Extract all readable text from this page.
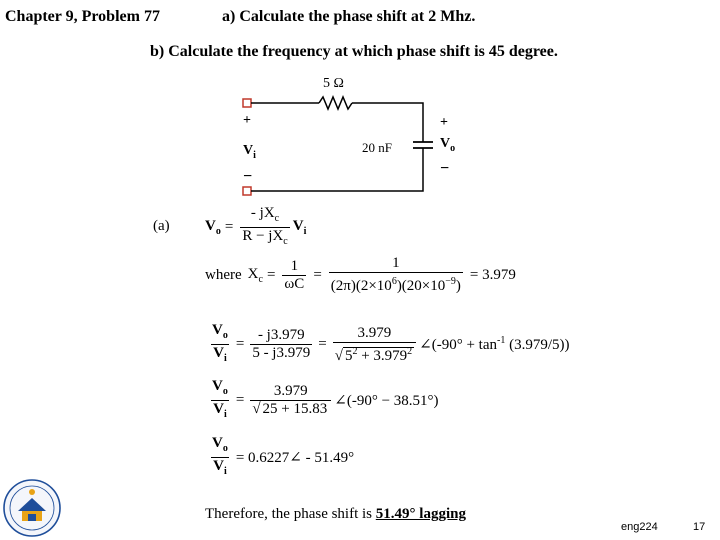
Chapter 9, Problem 77	a) Calculate the phase shift at 2 Mhz.
b) Calculate the frequency at which phase shift is 45 degree.
5 Ω
20 nF
+
$V_i$
−
+
$V_o$
−
(a) $V_o = \frac{- jX_c}{R - jX_c} V_i$
where $X_c = \frac{1}{\omega C} = \frac{1}{(2\pi)(2\times 10^6)(20\times 10^{-9})} = 3.979$
$\frac{V_o}{V_i} = \frac{- j3.979}{5 - j3.979} = \frac{3.979}{√ 5^2 + 3.979^2}$ ∠(-90° + $\tan^{-1} (3.979/5)$)
$\frac{V_o}{V_i} = \frac{3.979}{√ 25 + 15.83}$ ∠(-90° − 38.51°)
$\frac{V_o}{V_i}$ = 0.6227∠ - 51.49°
Therefore, the phase shift is 51.49° lagging
eng224	17
